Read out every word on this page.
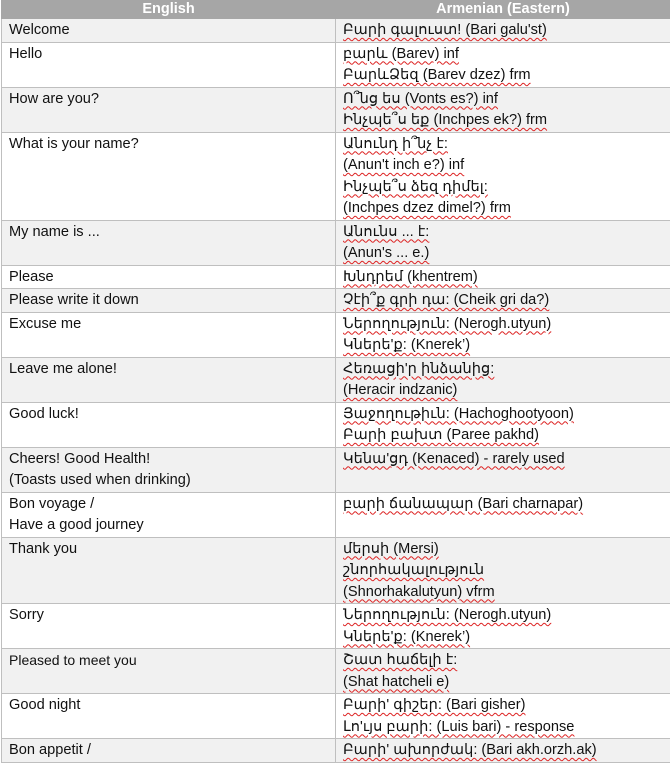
English	Armenian (Eastern)

Welcome	Բարի գալուստ! (Bari galu'st)

Hello	բարև (Barev) inf
ԲարևՁեզ (Barev dzez) frm

How are you?	Ո՞նց ես (Vonts es?) inf
Ինչպե՞ս եք (Inchpes ek?) frm

What is your name?	Անունդ ի՞նչ է:
(Anun't inch e?) inf
Ինչպե՞ս ձեզ դիմել:
(Inchpes dzez dimel?) frm

My name is ...	Անունս ... է:
(Anun's ... e.)

Please	Խնդրեմ (khentrem)

Please write it down	Չէի՞ք գրի դա: (Cheik gri da?)

Excuse me	Ներողություն: (Nerogh.utyun)
Կներե'ք: (Knerek’)

Leave me alone!	Հեռացի'ր ինձանից:
(Heracir indzanic)

Good luck!	Յաջողութիւն: (Hachoghootyoon)
Բարի բախտ (Paree pakhd)

Cheers! Good Health!
(Toasts used when drinking)	Կենա'ցդ (Kenaced) - rarely used

Bon voyage /
Have a good journey	բարի ճանապար (Bari charnapar)

Thank you	մերսի (Mersi)
շնորհակալություն
(Shnorhakalutyun) vfrm

Sorry	Ներողություն: (Nerogh.utyun)
Կներե'ք: (Knerek’)

Pleased to meet you	Շատ հաճելի է:
(Shat hatcheli e)

Good night	Բարի' գիշեր: (Bari gisher)
Լո'ւյս բարի: (Luis bari) - response

Bon appetit /	Բարի' ախորժակ: (Bari akh.orzh.ak)
